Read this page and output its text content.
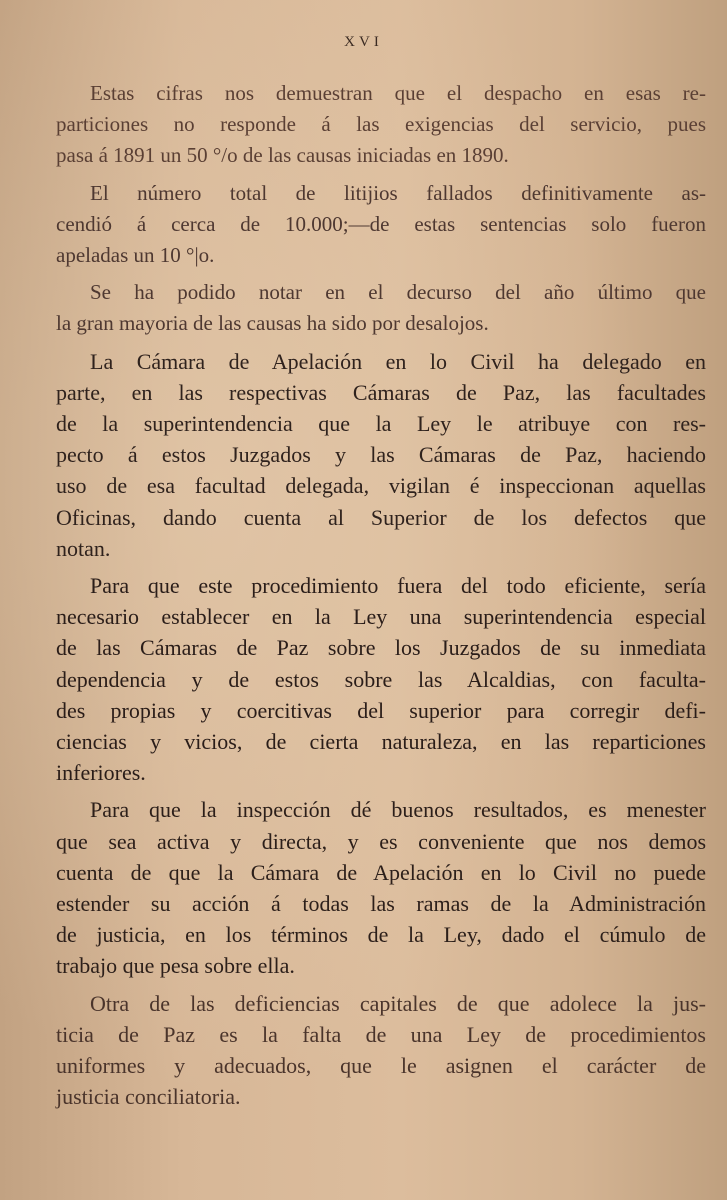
XVI
Estas cifras nos demuestran que el despacho en esas re-
particiones no responde á las exigencias del servicio, pues
pasa á 1891 un 50 °/o de las causas iniciadas en 1890.
El número total de litijios fallados definitivamente as-
cendió á cerca de 10.000;—de estas sentencias solo fueron
apeladas un 10 °|o.
Se ha podido notar en el decurso del año último que
la gran mayoria de las causas ha sido por desalojos.
La Cámara de Apelación en lo Civil ha delegado en
parte, en las respectivas Cámaras de Paz, las facultades
de la superintendencia que la Ley le atribuye con res-
pecto á estos Juzgados y las Cámaras de Paz, haciendo
uso de esa facultad delegada, vigilan é inspeccionan aquellas
Oficinas, dando cuenta al Superior de los defectos que
notan.
Para que este procedimiento fuera del todo eficiente, sería
necesario establecer en la Ley una superintendencia especial
de las Cámaras de Paz sobre los Juzgados de su inmediata
dependencia y de estos sobre las Alcaldias, con faculta-
des propias y coercitivas del superior para corregir defi-
ciencias y vicios, de cierta naturaleza, en las reparticiones
inferiores.
Para que la inspección dé buenos resultados, es menester
que sea activa y directa, y es conveniente que nos demos
cuenta de que la Cámara de Apelación en lo Civil no puede
estender su acción á todas las ramas de la Administración
de justicia, en los términos de la Ley, dado el cúmulo de
trabajo que pesa sobre ella.
Otra de las deficiencias capitales de que adolece la jus-
ticia de Paz es la falta de una Ley de procedimientos
uniformes y adecuados, que le asignen el carácter de
justicia conciliatoria.
